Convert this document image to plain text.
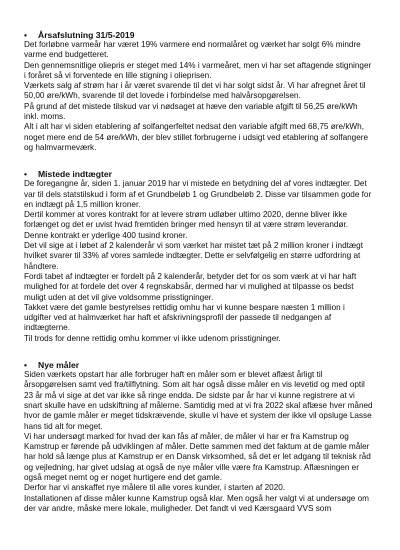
•	Årsafslutning 31/5-2019

Det forløbne varmeår har været 19% varmere end normalåret og værket har solgt 6% mindre varme end budgetteret.

Den gennemsnitlige oliepris er steget med 14% i varmeåret, men vi har set aftagende stigninger i foråret så vi forventede en lille stigning i olieprisen.

Værkets salg af strøm har i år været svarende til det vi har solgt sidst år. Vi har afregnet året til 50,00 øre/kWh, svarende til det lovede i forbindelse med halvårsopgørelsen.

På grund af det mistede tilskud var vi nødsaget at hæve den variable afgift til 56,25 øre/kWh inkl. moms.

Alt i alt har vi siden etablering af solfangerfeltet nedsat den variable afgift med 68,75 øre/kWh, noget mere end de 54 øre/kWh, der blev stillet forbrugerne i udsigt ved etablering af solfangere og halmvarmeværk.

•	Mistede indtægter

De foregangne år, siden 1. januar 2019 har vi mistede en betydning del af vores indtægter. Det var til dels statstilskud i form af et Grundbeløb 1 og Grundbeløb 2. Disse var tilsammen gode for en indtægt på 1,5 million kroner.

Dertil kommer at vores kontrakt for at levere strøm udløber ultimo 2020, denne bliver ikke forlænget og det er uvist hvad fremtiden bringer med hensyn til at være strøm leverandør. Denne kontrakt er yderlige 400 tusind kroner.

Det vil sige at i løbet af 2 kalenderår vi som værket har mistet tæt på 2 million kroner i indtægt hvilket svarer til 33% af vores samlede indtægter. Dette er selvfølgelig en større udfordring at håndtere.

Fordi tabet af indtægter er fordelt på 2 kalenderår, betyder det for os som værk at vi har haft mulighed for at fordele det over 4 regnskabsår, dermed har vi mulighed at tilpasse os bedst muligt uden at det vil give voldsomme prisstigninger.

Takket være det gamle bestyrelses rettidig omhu har vi kunne bespare næsten 1 million i udgifter ved at halmværket har haft et afskrivningsprofil der passede til nedgangen af indtægterne.

Til trods for denne rettidig omhu kommer vi ikke udenom prisstigninger.

•	Nye måler

Siden værkets opstart har alle forbruger haft en måler som er blevet aflæst årligt til årsopgørelsen samt ved fra/tilflytning. Som alt har også disse måler en vis levetid og med optil 23 år må vi sige at det var ikke så ringe endda. De sidste par år har vi kunne registrere at vi snart skulle have en udskiftning af målerne. Samtidig med at vi fra 2022 skal aflæse hver måned hvor de gamle måler er meget tidskrævende, skulle vi have et system der ikke vil opsluge Lasse hans tid alt for meget.

Vi har undersøgt marked for hvad der kan fås af måler, de måler vi har er fra Kamstrup og Kamstrup er førende på udviklingen af måler. Dette sammen med det faktum at de gamle måler har hold så længe plus at Kamstrup er en Dansk virksomhed, så det er let adgang til teknisk råd og vejledning, har givet udslag at også de nye måler ville være fra Kamstrup. Aflæsningen er også meget nemt og er noget hurtigere end det gamle.

Derfor har vi anskaffet nye målere til alle vores kunder, i starten af 2020.

Installationen af disse måler kunne Kamstrup også klar. Men også her valgt vi at undersøge om der var andre, måske mere lokale, muligheder. Det fandt vi ved Kærsgaard VVS som
